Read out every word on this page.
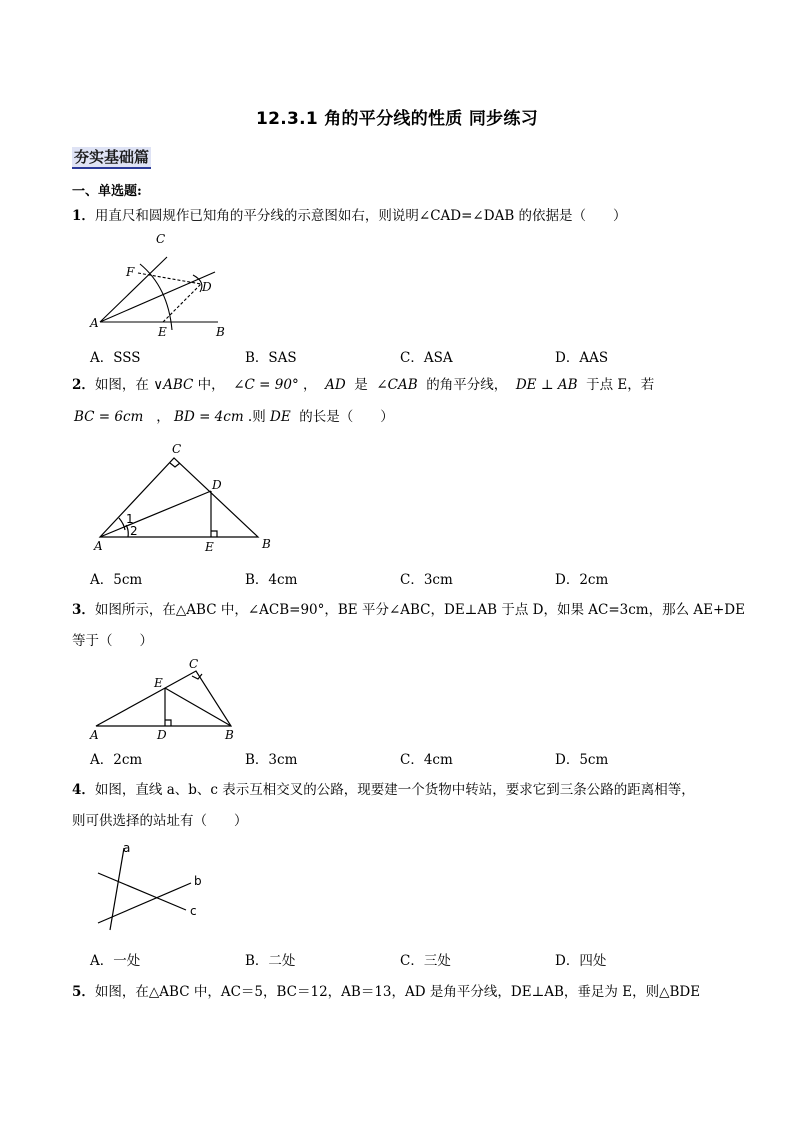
12.3.1 角的平分线的性质 同步练习
夯实基础篇
一、单选题:
1．用直尺和圆规作已知角的平分线的示意图如右，则说明∠CAD=∠DAB 的依据是（　　）
C
F
D
A
E	B
A．SSS	B．SAS	C．ASA	D．AAS
2．如图，在 ∨ABC 中， ∠C = 90° ， AD 是 ∠CAB 的角平分线， DE ⊥ AB 于点 E，若
BC = 6cm ， BD = 4cm .则 DE 的长是（　　）
C
D
1
2
A	E	B
A．5cm	B．4cm	C．3cm	D．2cm
3．如图所示，在△ABC 中，∠ACB=90°，BE 平分∠ABC，DE⊥AB 于点 D，如果 AC=3cm，那么 AE+DE
等于（　　）
C
E
A	D	B
A．2cm	B．3cm	C．4cm	D．5cm
4．如图，直线 a、b、c 表示互相交叉的公路，现要建一个货物中转站，要求它到三条公路的距离相等，
则可供选择的站址有（　　）
a
b
c
A．一处	B．二处	C．三处	D．四处
5．如图，在△ABC 中，AC＝5，BC＝12，AB＝13，AD 是角平分线，DE⊥AB，垂足为 E，则△BDE
